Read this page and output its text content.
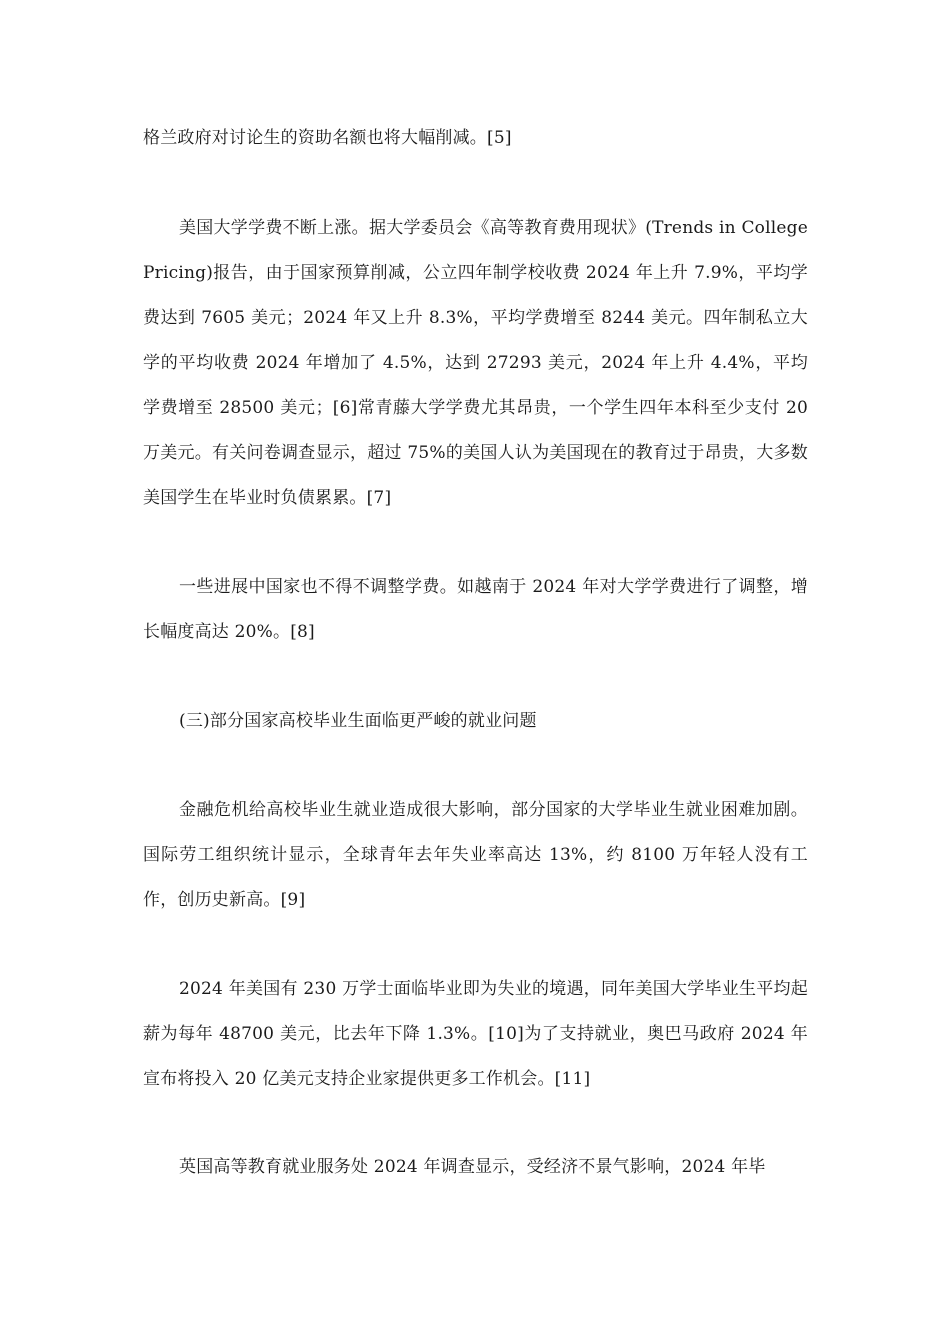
格兰政府对讨论生的资助名额也将大幅削减。[5]

美国大学学费不断上涨。据大学委员会《高等教育费用现状》(Trends in College Pricing)报告，由于国家预算削减，公立四年制学校收费 2024 年上升 7.9%，平均学费达到 7605 美元；2024 年又上升 8.3%，平均学费增至 8244 美元。四年制私立大学的平均收费 2024 年增加了 4.5%，达到 27293 美元，2024 年上升 4.4%，平均学费增至 28500 美元；[6]常青藤大学学费尤其昂贵，一个学生四年本科至少支付 20 万美元。有关问卷调查显示，超过 75%的美国人认为美国现在的教育过于昂贵，大多数美国学生在毕业时负债累累。[7]

一些进展中国家也不得不调整学费。如越南于 2024 年对大学学费进行了调整，增长幅度高达 20%。[8]

(三)部分国家高校毕业生面临更严峻的就业问题

金融危机给高校毕业生就业造成很大影响，部分国家的大学毕业生就业困难加剧。国际劳工组织统计显示，全球青年去年失业率高达 13%，约 8100 万年轻人没有工作，创历史新高。[9]

2024 年美国有 230 万学士面临毕业即为失业的境遇，同年美国大学毕业生平均起薪为每年 48700 美元，比去年下降 1.3%。[10]为了支持就业，奥巴马政府 2024 年宣布将投入 20 亿美元支持企业家提供更多工作机会。[11]

英国高等教育就业服务处 2024 年调查显示，受经济不景气影响，2024 年毕
